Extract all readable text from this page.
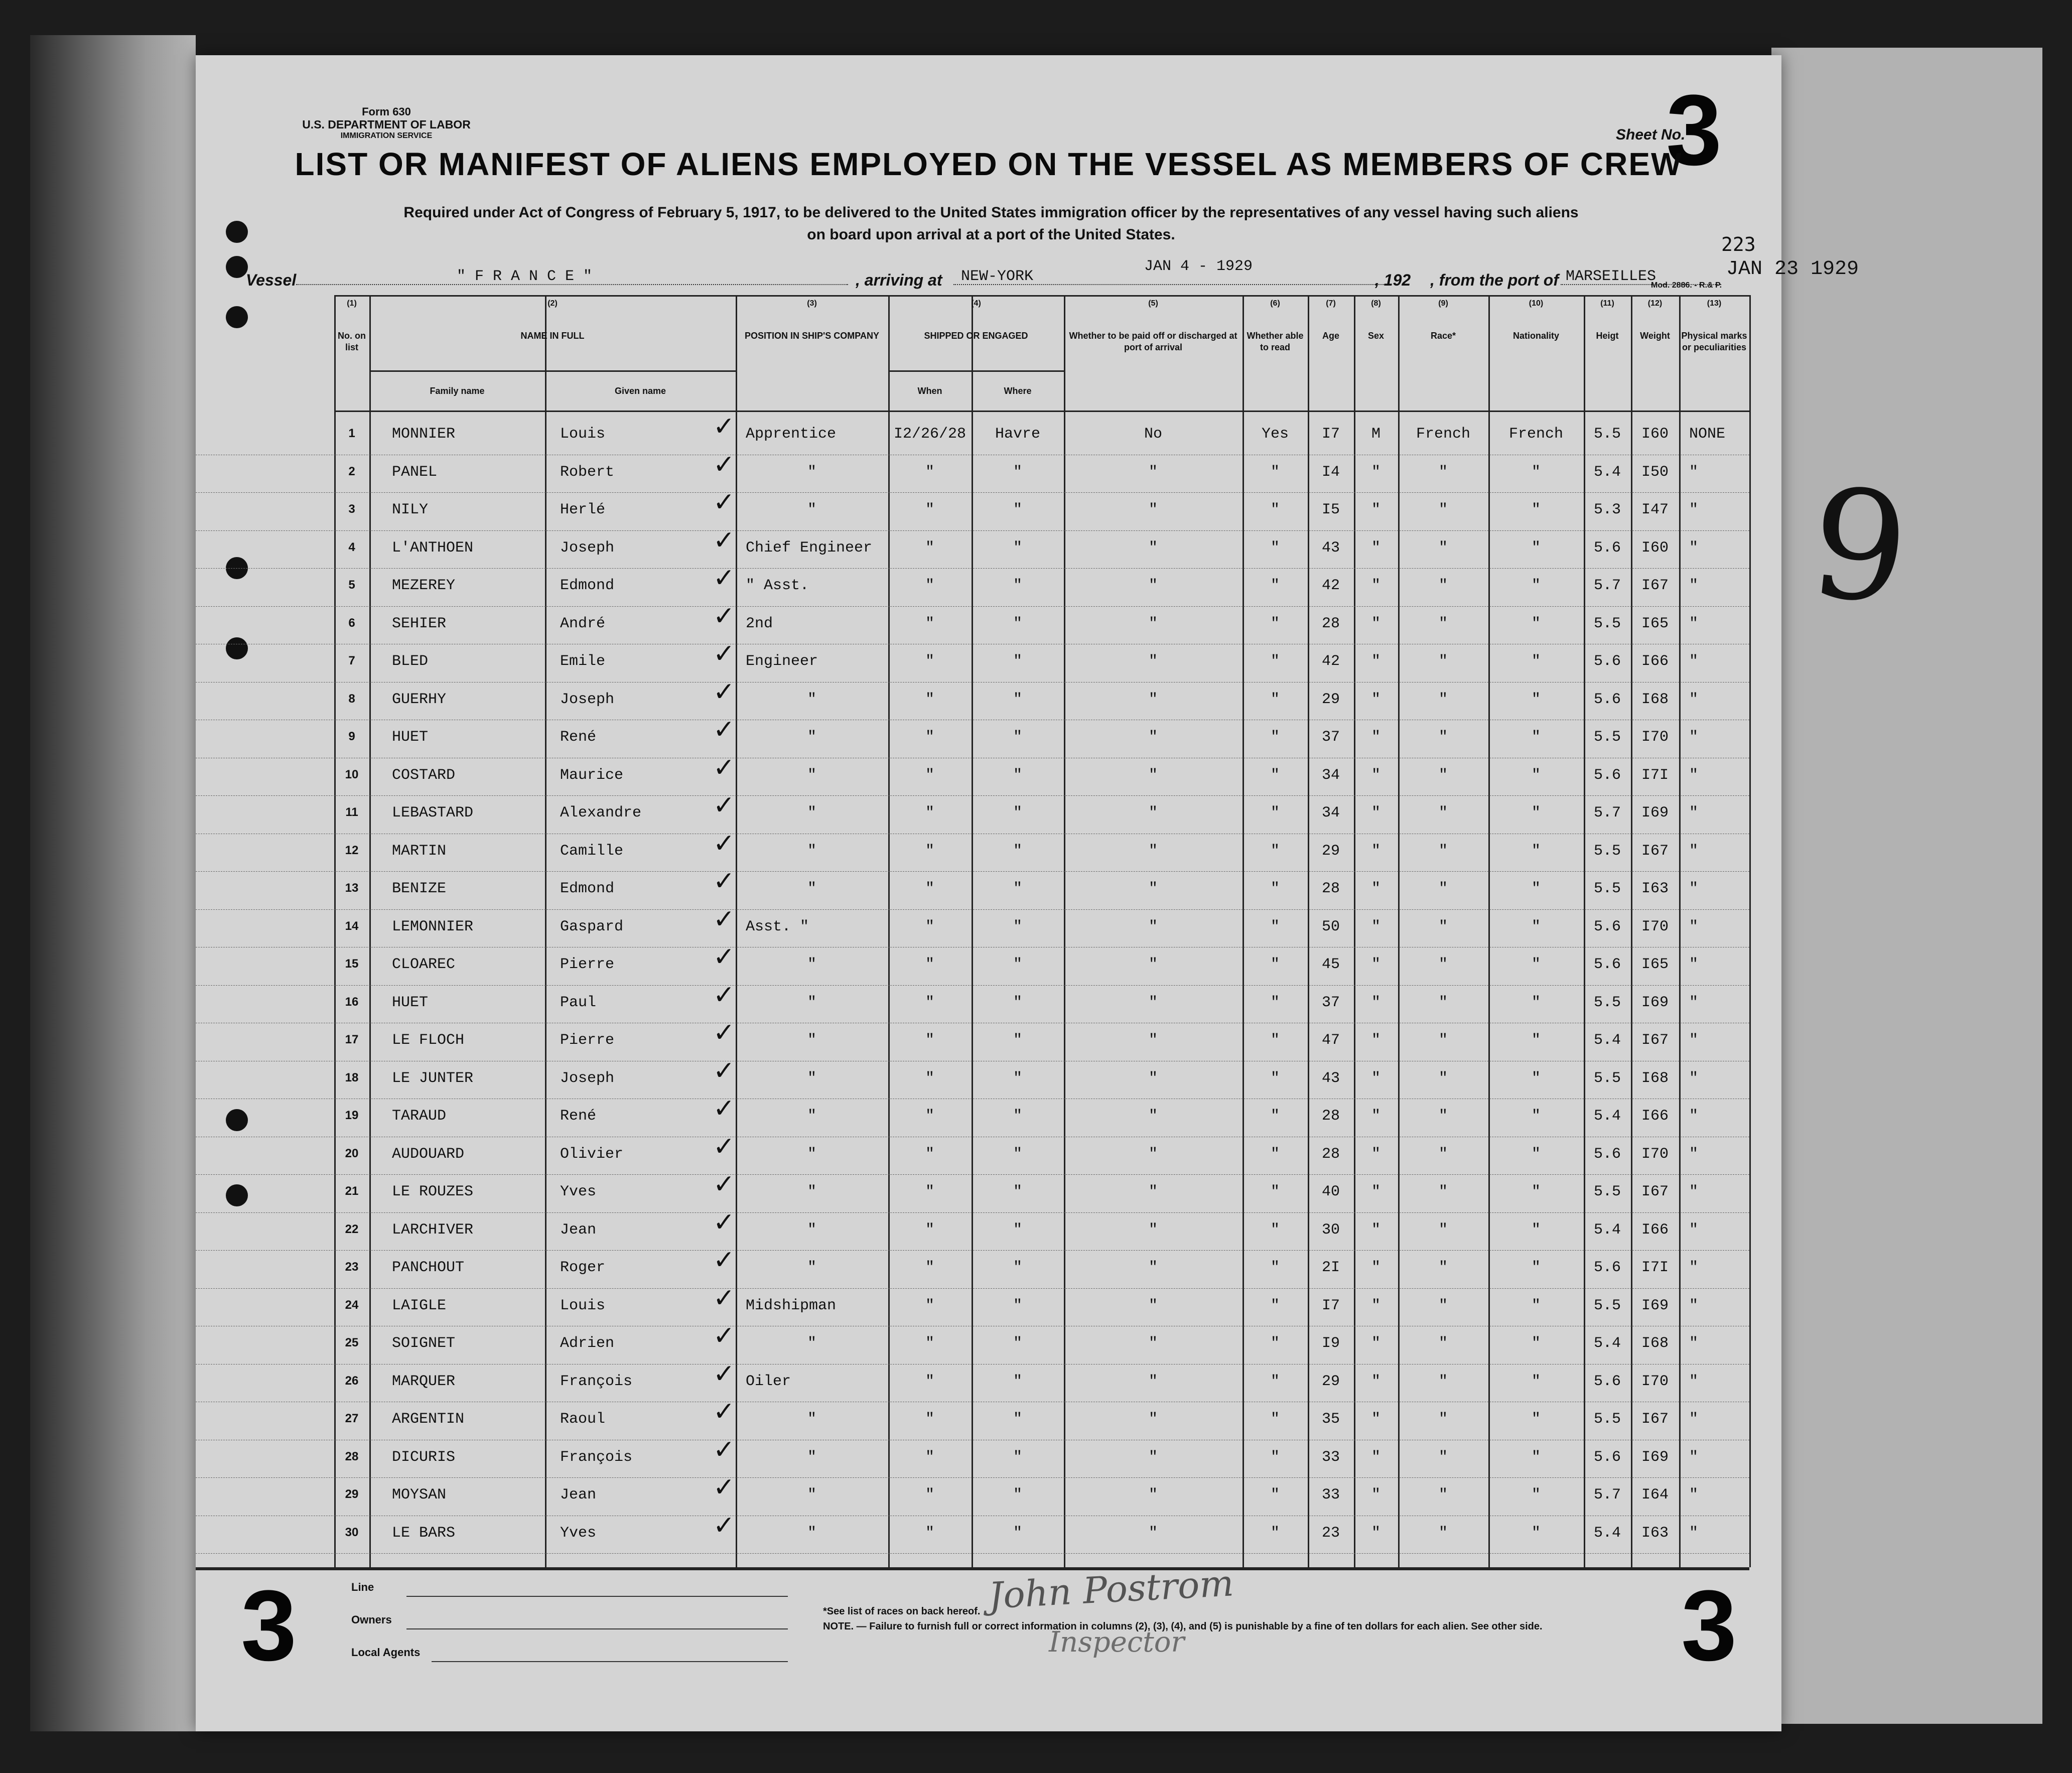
9
Form 630
U.S. DEPARTMENT OF LABOR
IMMIGRATION SERVICE	Sheet No.
3
LIST OR MANIFEST OF ALIENS EMPLOYED ON THE VESSEL AS MEMBERS OF CREW
Required under Act of Congress of February 5, 1917, to be delivered to the United States immigration officer by the representatives of any vessel having such aliens
on board upon arrival at a port of the United States.	223
Vessel	" F R A N C E "	, arriving at NEW-YORK
JAN 4 - 1929
, 192 , from the port of MARSEILLES	JAN 23 1929
Mod. 2886. - R.& P.
(1)
No. on list
(2)
NAME IN FULL
Family name	Given name
(3)
POSITION IN SHIP'S COMPANY
(4)
SHIPPED OR ENGAGED
When	Where
(5)
Whether to be paid off or discharged at port of arrival
(6)
Whether able to read
(7)
Age
(8)
Sex
(9)
Race*
(10)
Nationality
(11)
Heigt
(12)
Weight
(13)
Physical marks or peculiarities
1	MONNIER	Louis	✓ Apprentice	I2/26/28	Havre	No	Yes	I7	M	French	French	5.5	I60	NONE
2	PANEL	Robert	✓	"	"	"	"	"	I4	"	"	"	5.4	I50	"
3	NILY	Herlé	✓	"	"	"	"	"	I5	"	"	"	5.3	I47	"
4	L'ANTHOEN	Joseph	✓ Chief Engineer	"	"	"	"	43	"	"	"	5.6	I60	"
5	MEZEREY	Edmond	✓ " Asst.	"	"	"	"	42	"	"	"	5.7	I67	"
6	SEHIER	André	✓ 2nd	"	"	"	"	28	"	"	"	5.5	I65	"
7	BLED	Emile	✓ Engineer	"	"	"	"	42	"	"	"	5.6	I66	"
8	GUERHY	Joseph	✓	"	"	"	"	"	29	"	"	"	5.6	I68	"
9	HUET	René	✓	"	"	"	"	"	37	"	"	"	5.5	I70	"
10	COSTARD	Maurice	✓	"	"	"	"	"	34	"	"	"	5.6	I7I	"
11	LEBASTARD	Alexandre	✓	"	"	"	"	"	34	"	"	"	5.7	I69	"
12	MARTIN	Camille	✓	"	"	"	"	"	29	"	"	"	5.5	I67	"
13	BENIZE	Edmond	✓	"	"	"	"	"	28	"	"	"	5.5	I63	"
14	LEMONNIER	Gaspard	✓ Asst. "	"	"	"	"	50	"	"	"	5.6	I70	"
15	CLOAREC	Pierre	✓	"	"	"	"	"	45	"	"	"	5.6	I65	"
16	HUET	Paul	✓	"	"	"	"	"	37	"	"	"	5.5	I69	"
17	LE FLOCH	Pierre	✓	"	"	"	"	"	47	"	"	"	5.4	I67	"
18	LE JUNTER	Joseph	✓	"	"	"	"	"	43	"	"	"	5.5	I68	"
19	TARAUD	René	✓	"	"	"	"	"	28	"	"	"	5.4	I66	"
20	AUDOUARD	Olivier	✓	"	"	"	"	"	28	"	"	"	5.6	I70	"
21	LE ROUZES	Yves	✓	"	"	"	"	"	40	"	"	"	5.5	I67	"
22	LARCHIVER	Jean	✓	"	"	"	"	"	30	"	"	"	5.4	I66	"
23	PANCHOUT	Roger	✓	"	"	"	"	"	2I	"	"	"	5.6	I7I	"
24	LAIGLE	Louis	✓ Midshipman	"	"	"	"	I7	"	"	"	5.5	I69	"
25	SOIGNET	Adrien	✓	"	"	"	"	"	I9	"	"	"	5.4	I68	"
26	MARQUER	François	✓ Oiler	"	"	"	"	29	"	"	"	5.6	I70	"
27	ARGENTIN	Raoul	✓	"	"	"	"	"	35	"	"	"	5.5	I67	"
28	DICURIS	François	✓	"	"	"	"	"	33	"	"	"	5.6	I69	"
29	MOYSAN	Jean	✓	"	"	"	"	"	33	"	"	"	5.7	I64	"
30	LE BARS	Yves	✓	"	"	"	"	"	23	"	"	"	5.4	I63	"
3	3
Line
Owners
Local Agents
*See list of races on back hereof.
NOTE. — Failure to furnish full or correct information in columns (2), (3), (4), and (5) is punishable by a fine of ten dollars for each alien. See other side.
John Postrom
Inspector
